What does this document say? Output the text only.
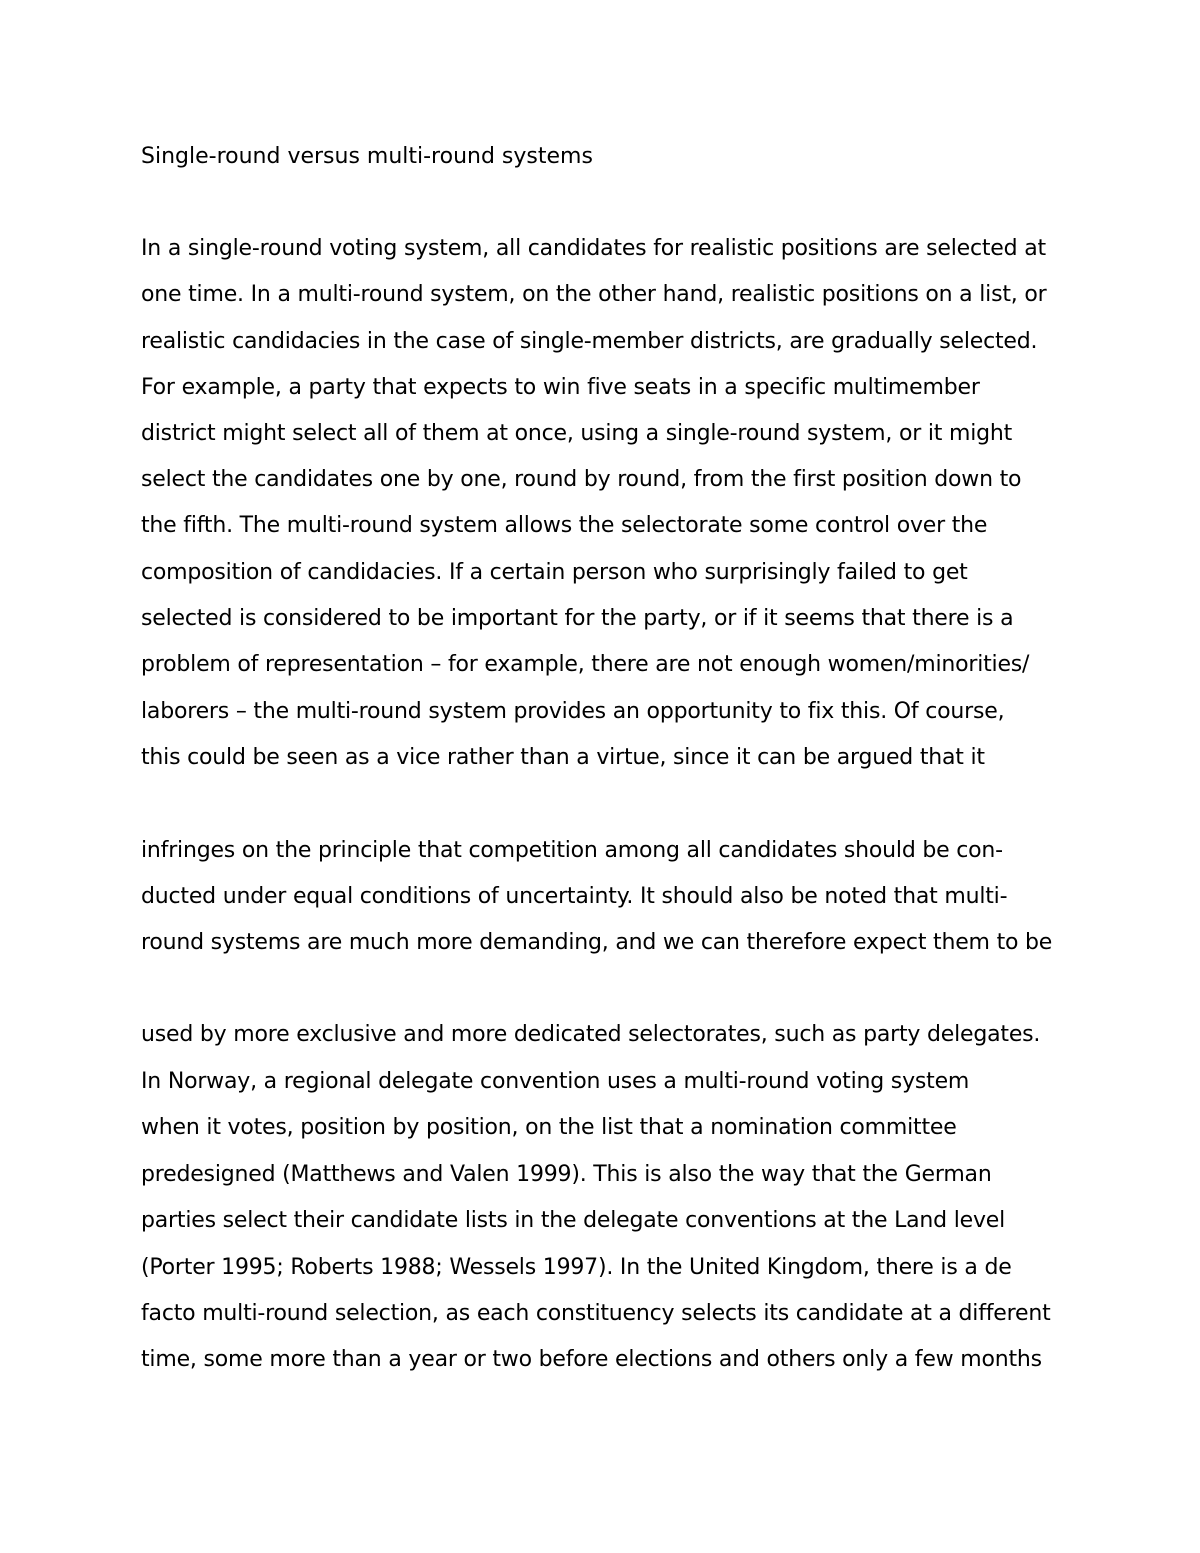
Single-round versus multi-round systems
In a single-round voting system, all candidates for realistic positions are selected at
one time. In a multi-round system, on the other hand, realistic positions on a list, or
realistic candidacies in the case of single-member districts, are gradually selected.
For example, a party that expects to win five seats in a specific multimember
district might select all of them at once, using a single-round system, or it might
select the candidates one by one, round by round, from the first position down to
the fifth. The multi-round system allows the selectorate some control over the
composition of candidacies. If a certain person who surprisingly failed to get
selected is considered to be important for the party, or if it seems that there is a
problem of representation – for example, there are not enough women/minorities/
laborers – the multi-round system provides an opportunity to fix this. Of course,
this could be seen as a vice rather than a virtue, since it can be argued that it
infringes on the principle that competition among all candidates should be con-
ducted under equal conditions of uncertainty. It should also be noted that multi-
round systems are much more demanding, and we can therefore expect them to be
used by more exclusive and more dedicated selectorates, such as party delegates.
In Norway, a regional delegate convention uses a multi-round voting system
when it votes, position by position, on the list that a nomination committee
predesigned (Matthews and Valen 1999). This is also the way that the German
parties select their candidate lists in the delegate conventions at the Land level
(Porter 1995; Roberts 1988; Wessels 1997). In the United Kingdom, there is a de
facto multi-round selection, as each constituency selects its candidate at a different
time, some more than a year or two before elections and others only a few months
